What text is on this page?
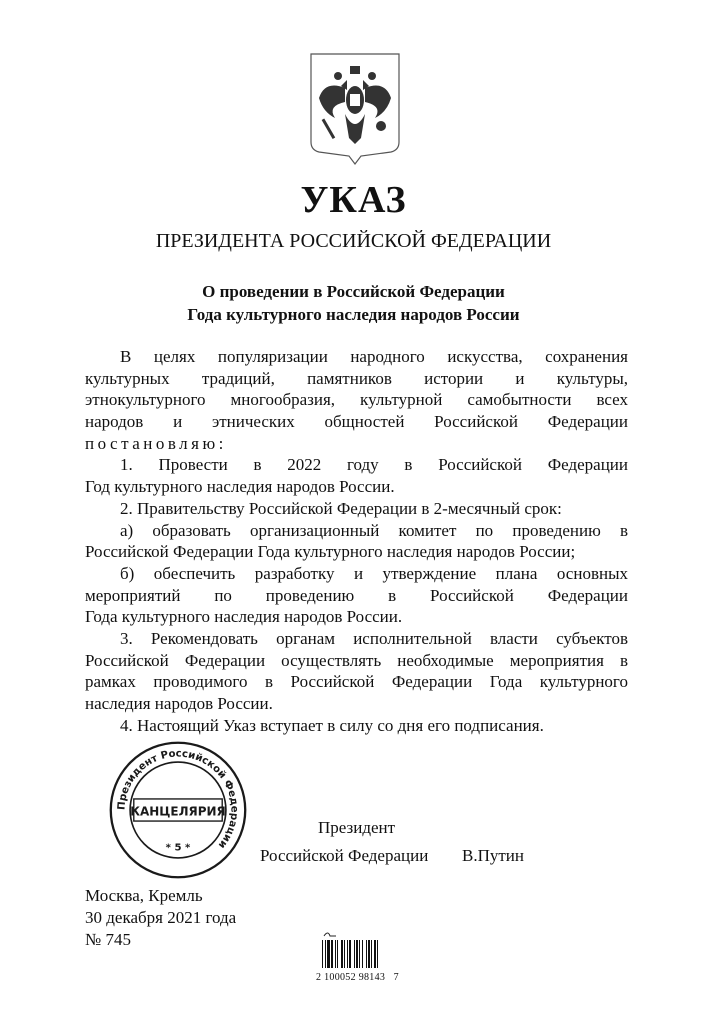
УКАЗ
ПРЕЗИДЕНТА РОССИЙСКОЙ ФЕДЕРАЦИИ
О проведении в Российской Федерации
Года культурного наследия народов России
В целях популяризации народного искусства, сохранения
культурных традиций, памятников истории и культуры,
этнокультурного многообразия, культурной самобытности всех
народов и этнических общностей Российской Федерации
постановляю:
1. Провести в 2022 году в Российской Федерации
Год культурного наследия народов России.
2. Правительству Российской Федерации в 2-месячный срок:
а) образовать организационный комитет по проведению в
Российской Федерации Года культурного наследия народов России;
б) обеспечить разработку и утверждение плана основных
мероприятий по проведению в Российской Федерации
Года культурного наследия народов России.
3. Рекомендовать органам исполнительной власти субъектов
Российской Федерации осуществлять необходимые мероприятия в
рамках проводимого в Российской Федерации Года культурного
наследия народов России.
4. Настоящий Указ вступает в силу со дня его подписания.
Президент Российской Федерации
КАНЦЕЛЯРИЯ
* 5 *
Президент
Российской Федерации В.Путин
Москва, Кремль
30 декабря 2021 года
№ 745
2 100052 98143   7
